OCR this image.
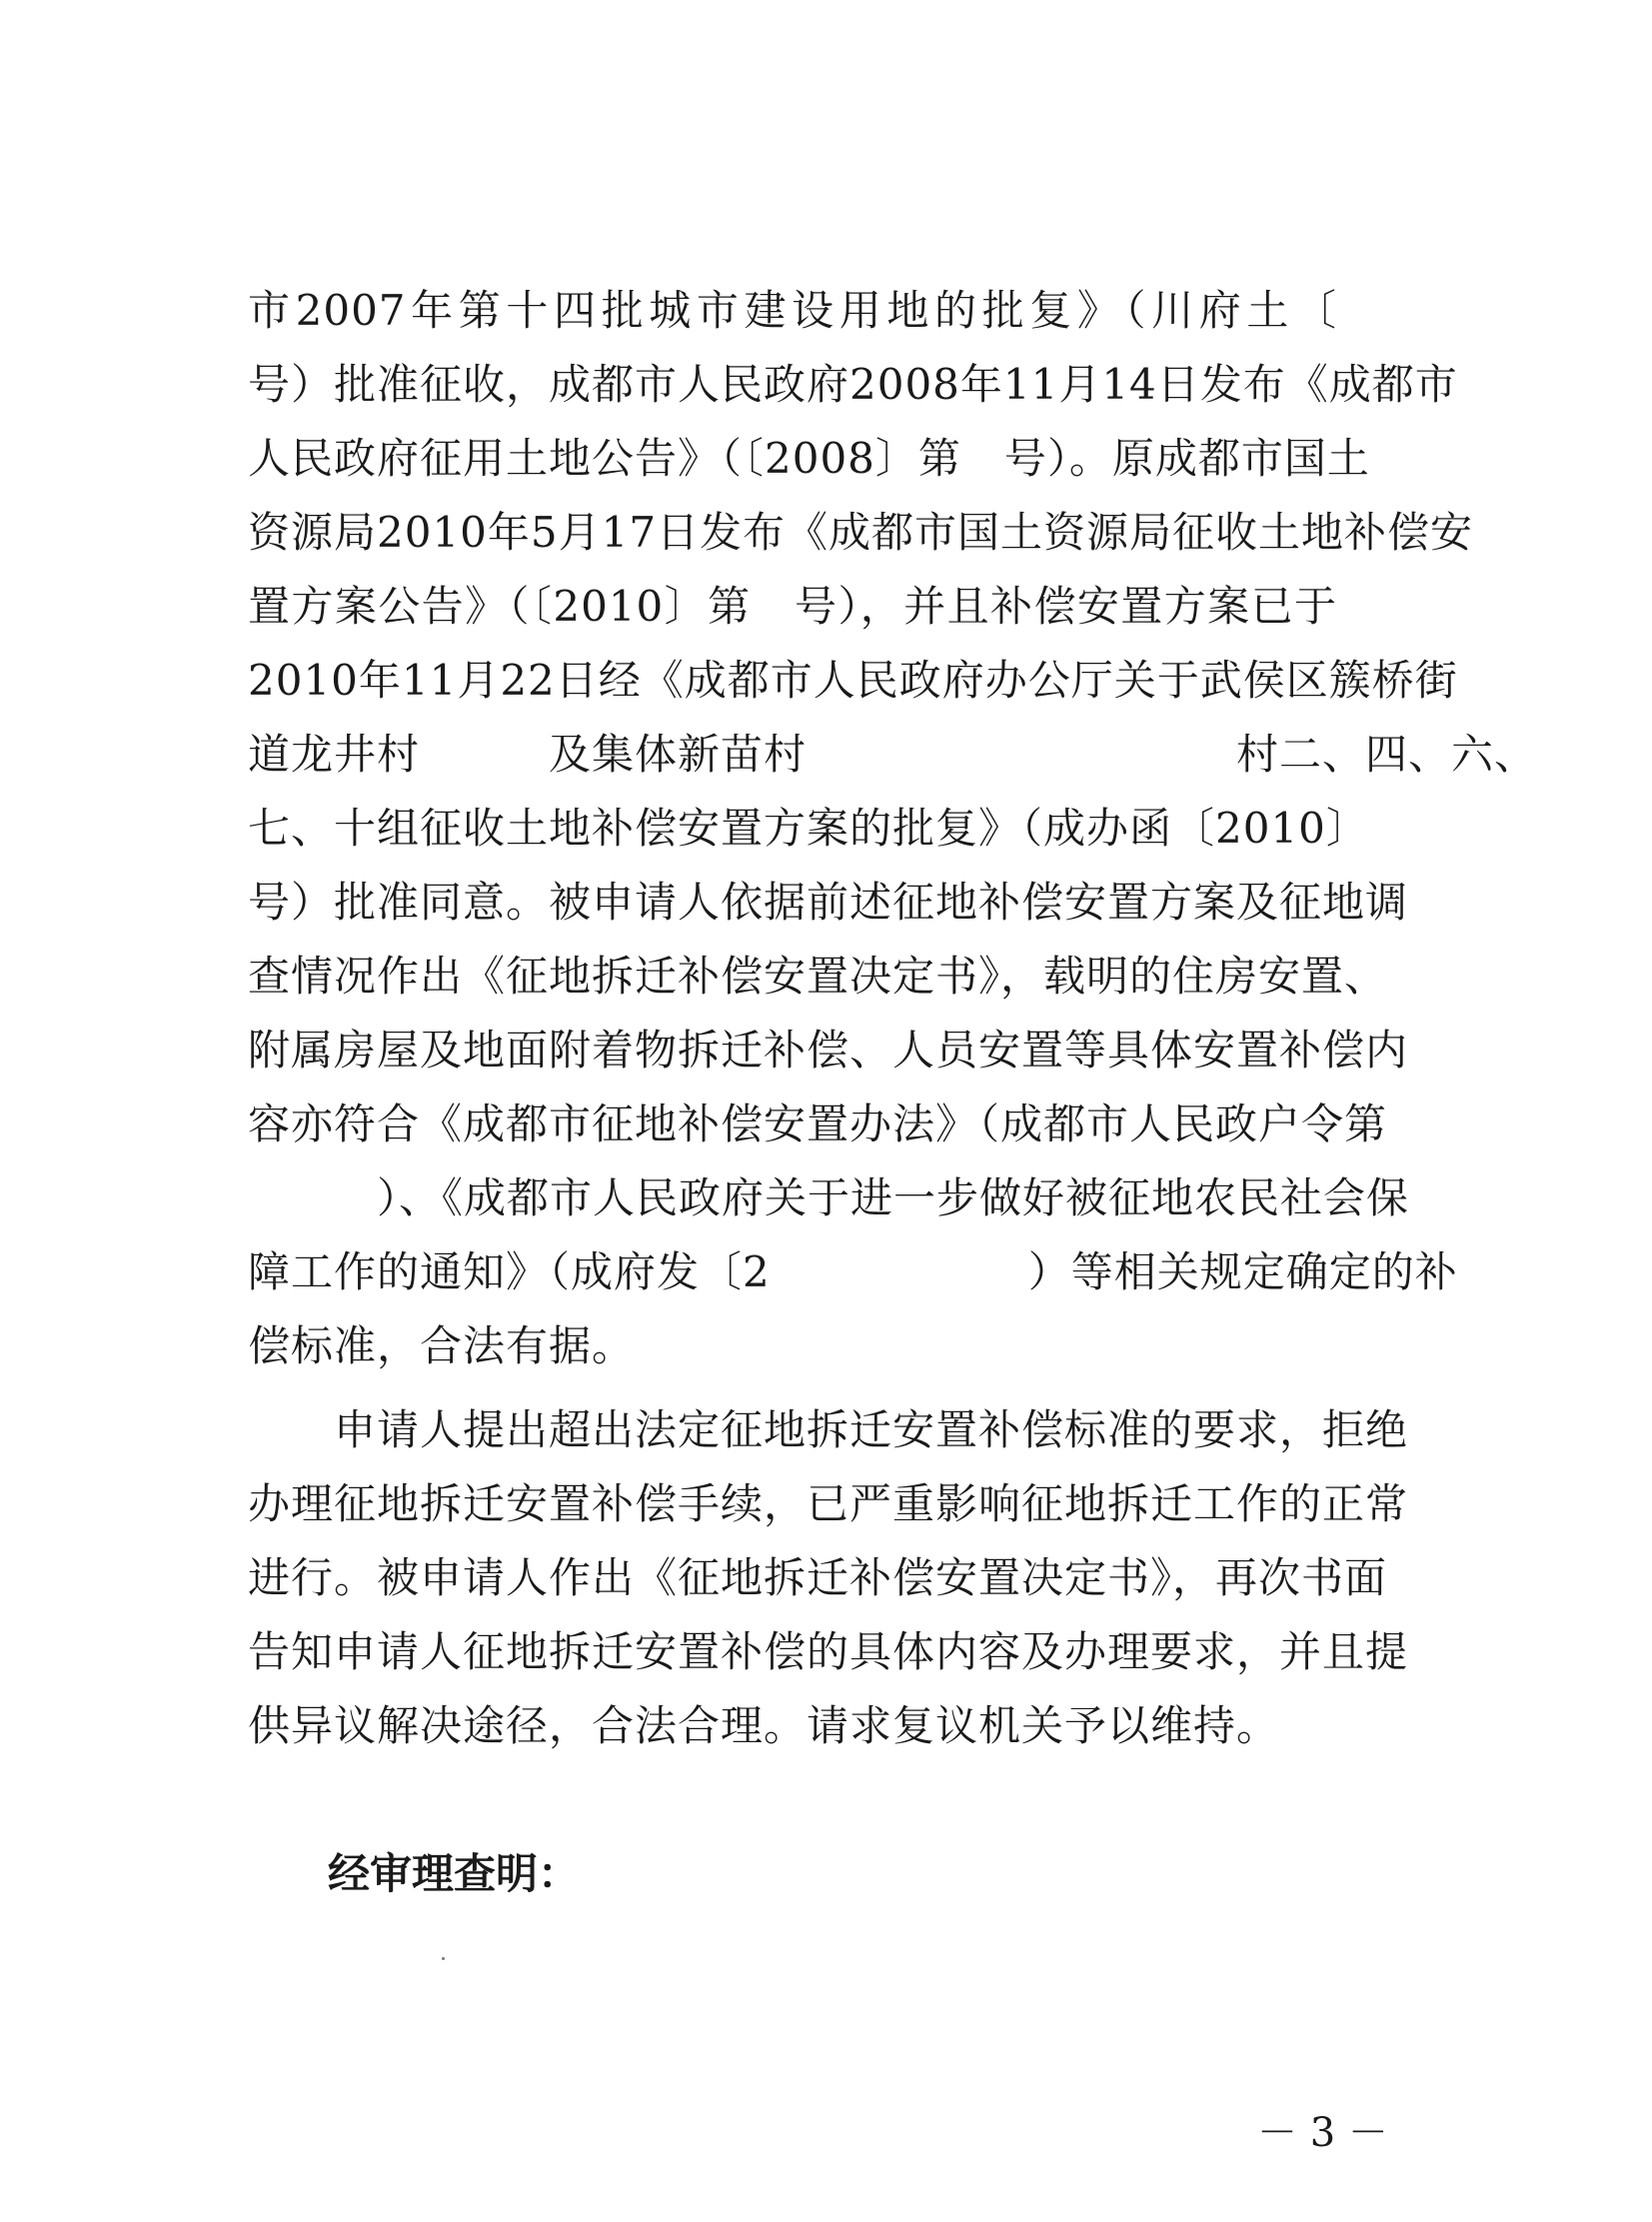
市2007年第十四批城市建设用地的批复》（川府土〔
号）批准征收，成都市人民政府2008年11月14日发布《成都市
人民政府征用土地公告》（〔2008〕第　号）。原成都市国土
资源局2010年5月17日发布《成都市国土资源局征收土地补偿安
置方案公告》（〔2010〕第　号），并且补偿安置方案已于
2010年11月22日经《成都市人民政府办公厅关于武侯区簇桥街
道龙井村　　　及集体新苗村　　　　　　　　　　村二、四、六、
七、十组征收土地补偿安置方案的批复》（成办函〔2010〕
号）批准同意。被申请人依据前述征地补偿安置方案及征地调
查情况作出《征地拆迁补偿安置决定书》，载明的住房安置、
附属房屋及地面附着物拆迁补偿、人员安置等具体安置补偿内
容亦符合《成都市征地补偿安置办法》（成都市人民政户令第
　　　）、《成都市人民政府关于进一步做好被征地农民社会保
障工作的通知》（成府发〔2　　　　　　）等相关规定确定的补
偿标准，合法有据。
　　申请人提出超出法定征地拆迁安置补偿标准的要求，拒绝
办理征地拆迁安置补偿手续，已严重影响征地拆迁工作的正常
进行。被申请人作出《征地拆迁补偿安置决定书》，再次书面
告知申请人征地拆迁安置补偿的具体内容及办理要求，并且提
供异议解决途径，合法合理。请求复议机关予以维持。
经审理查明：
－ 3 －
